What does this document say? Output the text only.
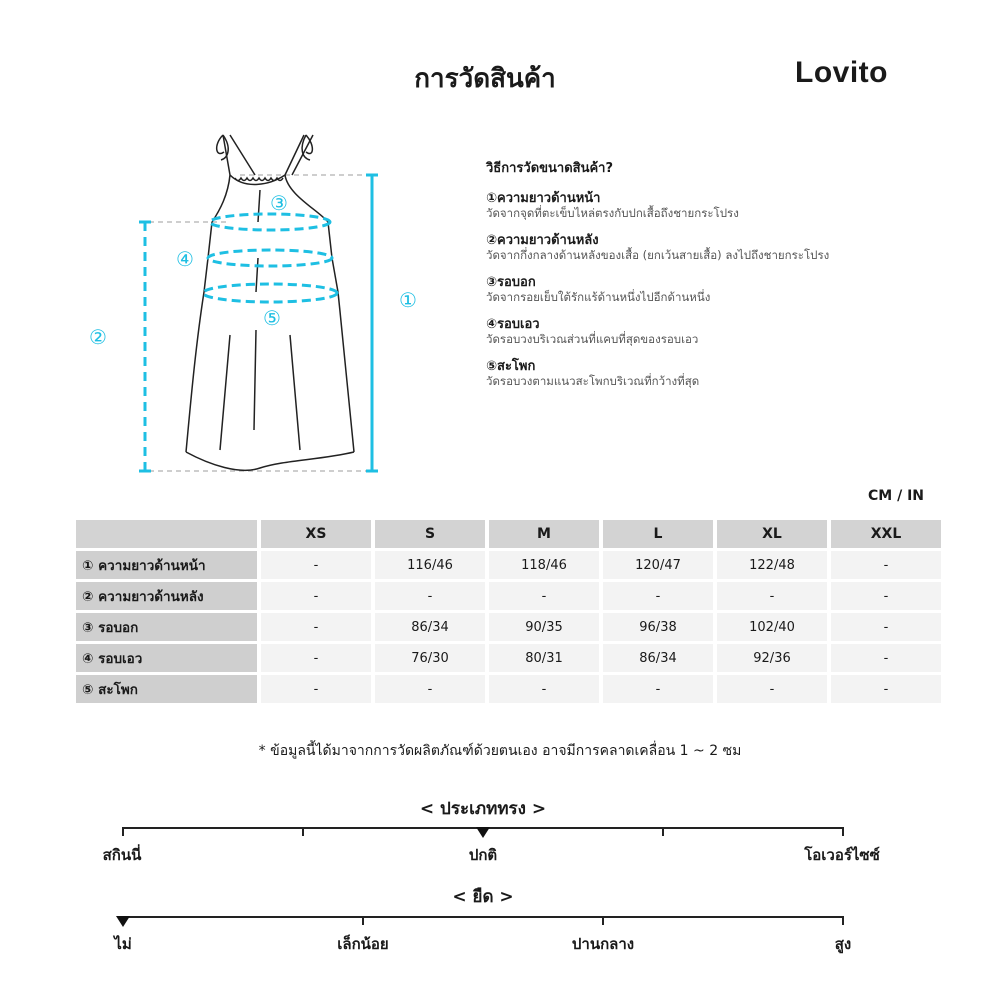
การวัดสินค้า	Lovito
①
②
③
④
⑤
วิธีการวัดขนาดสินค้า?
①ความยาวด้านหน้า
วัดจากจุดที่ตะเข็บไหล่ตรงกับปกเสื้อถึงชายกระโปรง
②ความยาวด้านหลัง
วัดจากกึ่งกลางด้านหลังของเสื้อ (ยกเว้นสายเสื้อ) ลงไปถึงชายกระโปรง
③รอบอก
วัดจากรอยเย็บใต้รักแร้ด้านหนึ่งไปอีกด้านหนึ่ง
④รอบเอว
วัดรอบวงบริเวณส่วนที่แคบที่สุดของรอบเอว
⑤สะโพก
วัดรอบวงตามแนวสะโพกบริเวณที่กว้างที่สุด
CM / IN
	XS	S	M	L	XL	XXL
① ความยาวด้านหน้า	-	116/46	118/46	120/47	122/48	-
② ความยาวด้านหลัง	-	-	-	-	-	-
③ รอบอก	-	86/34	90/35	96/38	102/40	-
④ รอบเอว	-	76/30	80/31	86/34	92/36	-
⑤ สะโพก	-	-	-	-	-	-
* ข้อมูลนี้ได้มาจากการวัดผลิตภัณฑ์ด้วยตนเอง อาจมีการคลาดเคลื่อน 1 ~ 2 ซม
< ประเภททรง >
สกินนี่	ปกติ	โอเวอร์ไซซ์
< ยืด >
ไม่	เล็กน้อย	ปานกลาง	สูง
